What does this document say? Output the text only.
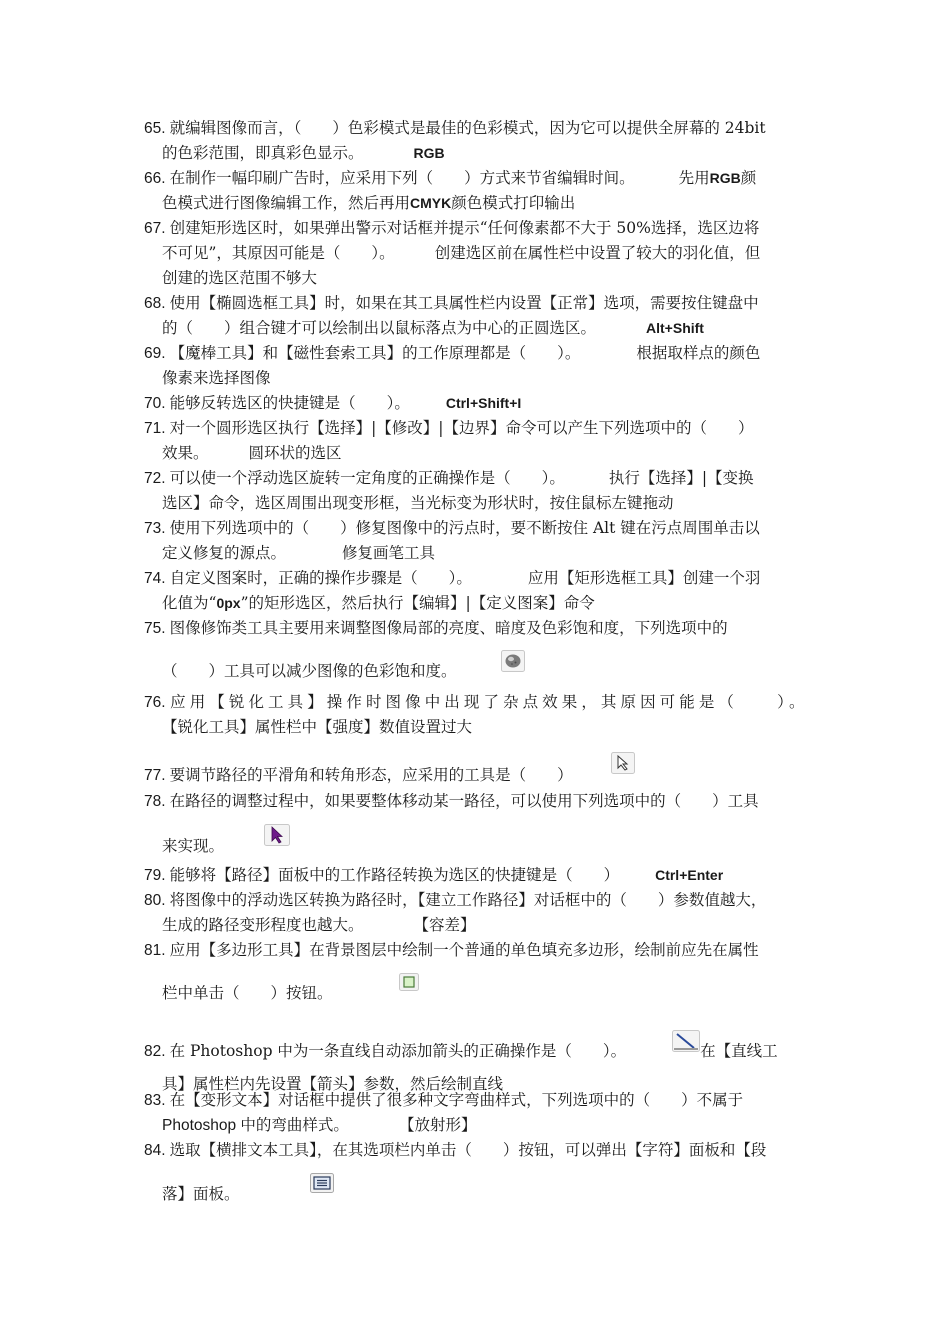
65. 就编辑图像而言，（　　）色彩模式是最佳的色彩模式，因为它可以提供全屏幕的 24bit
的色彩范围，即真彩色显示。	RGB
66. 在制作一幅印刷广告时，应采用下列（　　）方式来节省编辑时间。	先用RGB颜
色模式进行图像编辑工作，然后再用CMYK颜色模式打印输出
67. 创建矩形选区时，如果弹出警示对话框并提示“任何像素都不大于 50%选择，选区边将
不可见”，其原因可能是（　　）。	创建选区前在属性栏中设置了较大的羽化值，但
创建的选区范围不够大
68. 使用【椭圆选框工具】时，如果在其工具属性栏内设置【正常】选项，需要按住键盘中
的（　　）组合键才可以绘制出以鼠标落点为中心的正圆选区。	Alt+Shift
69. 【魔棒工具】和【磁性套索工具】的工作原理都是（　　）。	根据取样点的颜色
像素来选择图像
70. 能够反转选区的快捷键是（　　）。	Ctrl+Shift+I
71. 对一个圆形选区执行【选择】|【修改】|【边界】命令可以产生下列选项中的（　　）
效果。	圆环状的选区
72. 可以使一个浮动选区旋转一定角度的正确操作是（　　）。	执行【选择】|【变换
选区】命令，选区周围出现变形框，当光标变为形状时，按住鼠标左键拖动
73. 使用下列选项中的（　　）修复图像中的污点时，要不断按住 Alt 键在污点周围单击以
定义修复的源点。	修复画笔工具
74. 自定义图案时，正确的操作步骤是（　　）。	应用【矩形选框工具】创建一个羽
化值为“0px”的矩形选区，然后执行【编辑】|【定义图案】命令
75. 图像修饰类工具主要用来调整图像局部的亮度、暗度及色彩饱和度，下列选项中的
（　　）工具可以减少图像的色彩饱和度。
76. 应用【锐化工具】操作时图像中出现了杂点效果，其原因可能是（　　）。
【锐化工具】属性栏中【强度】数值设置过大
77. 要调节路径的平滑角和转角形态，应采用的工具是（　　）
78. 在路径的调整过程中，如果要整体移动某一路径，可以使用下列选项中的（　　）工具
来实现。
79. 能够将【路径】面板中的工作路径转换为选区的快捷键是（　　）	Ctrl+Enter
80. 将图像中的浮动选区转换为路径时，【建立工作路径】对话框中的（　　）参数值越大，
生成的路径变形程度也越大。	【容差】
81. 应用【多边形工具】在背景图层中绘制一个普通的单色填充多边形，绘制前应先在属性
栏中单击（　　）按钮。
82. 在 Photoshop 中为一条直线自动添加箭头的正确操作是（　　）。	在【直线工
具】属性栏内先设置【箭头】参数，然后绘制直线
83. 在【变形文本】对话框中提供了很多种文字弯曲样式，下列选项中的（　　）不属于
Photoshop 中的弯曲样式。	【放射形】
84. 选取【横排文本工具】，在其选项栏内单击（　　）按钮，可以弹出【字符】面板和【段
落】面板。
